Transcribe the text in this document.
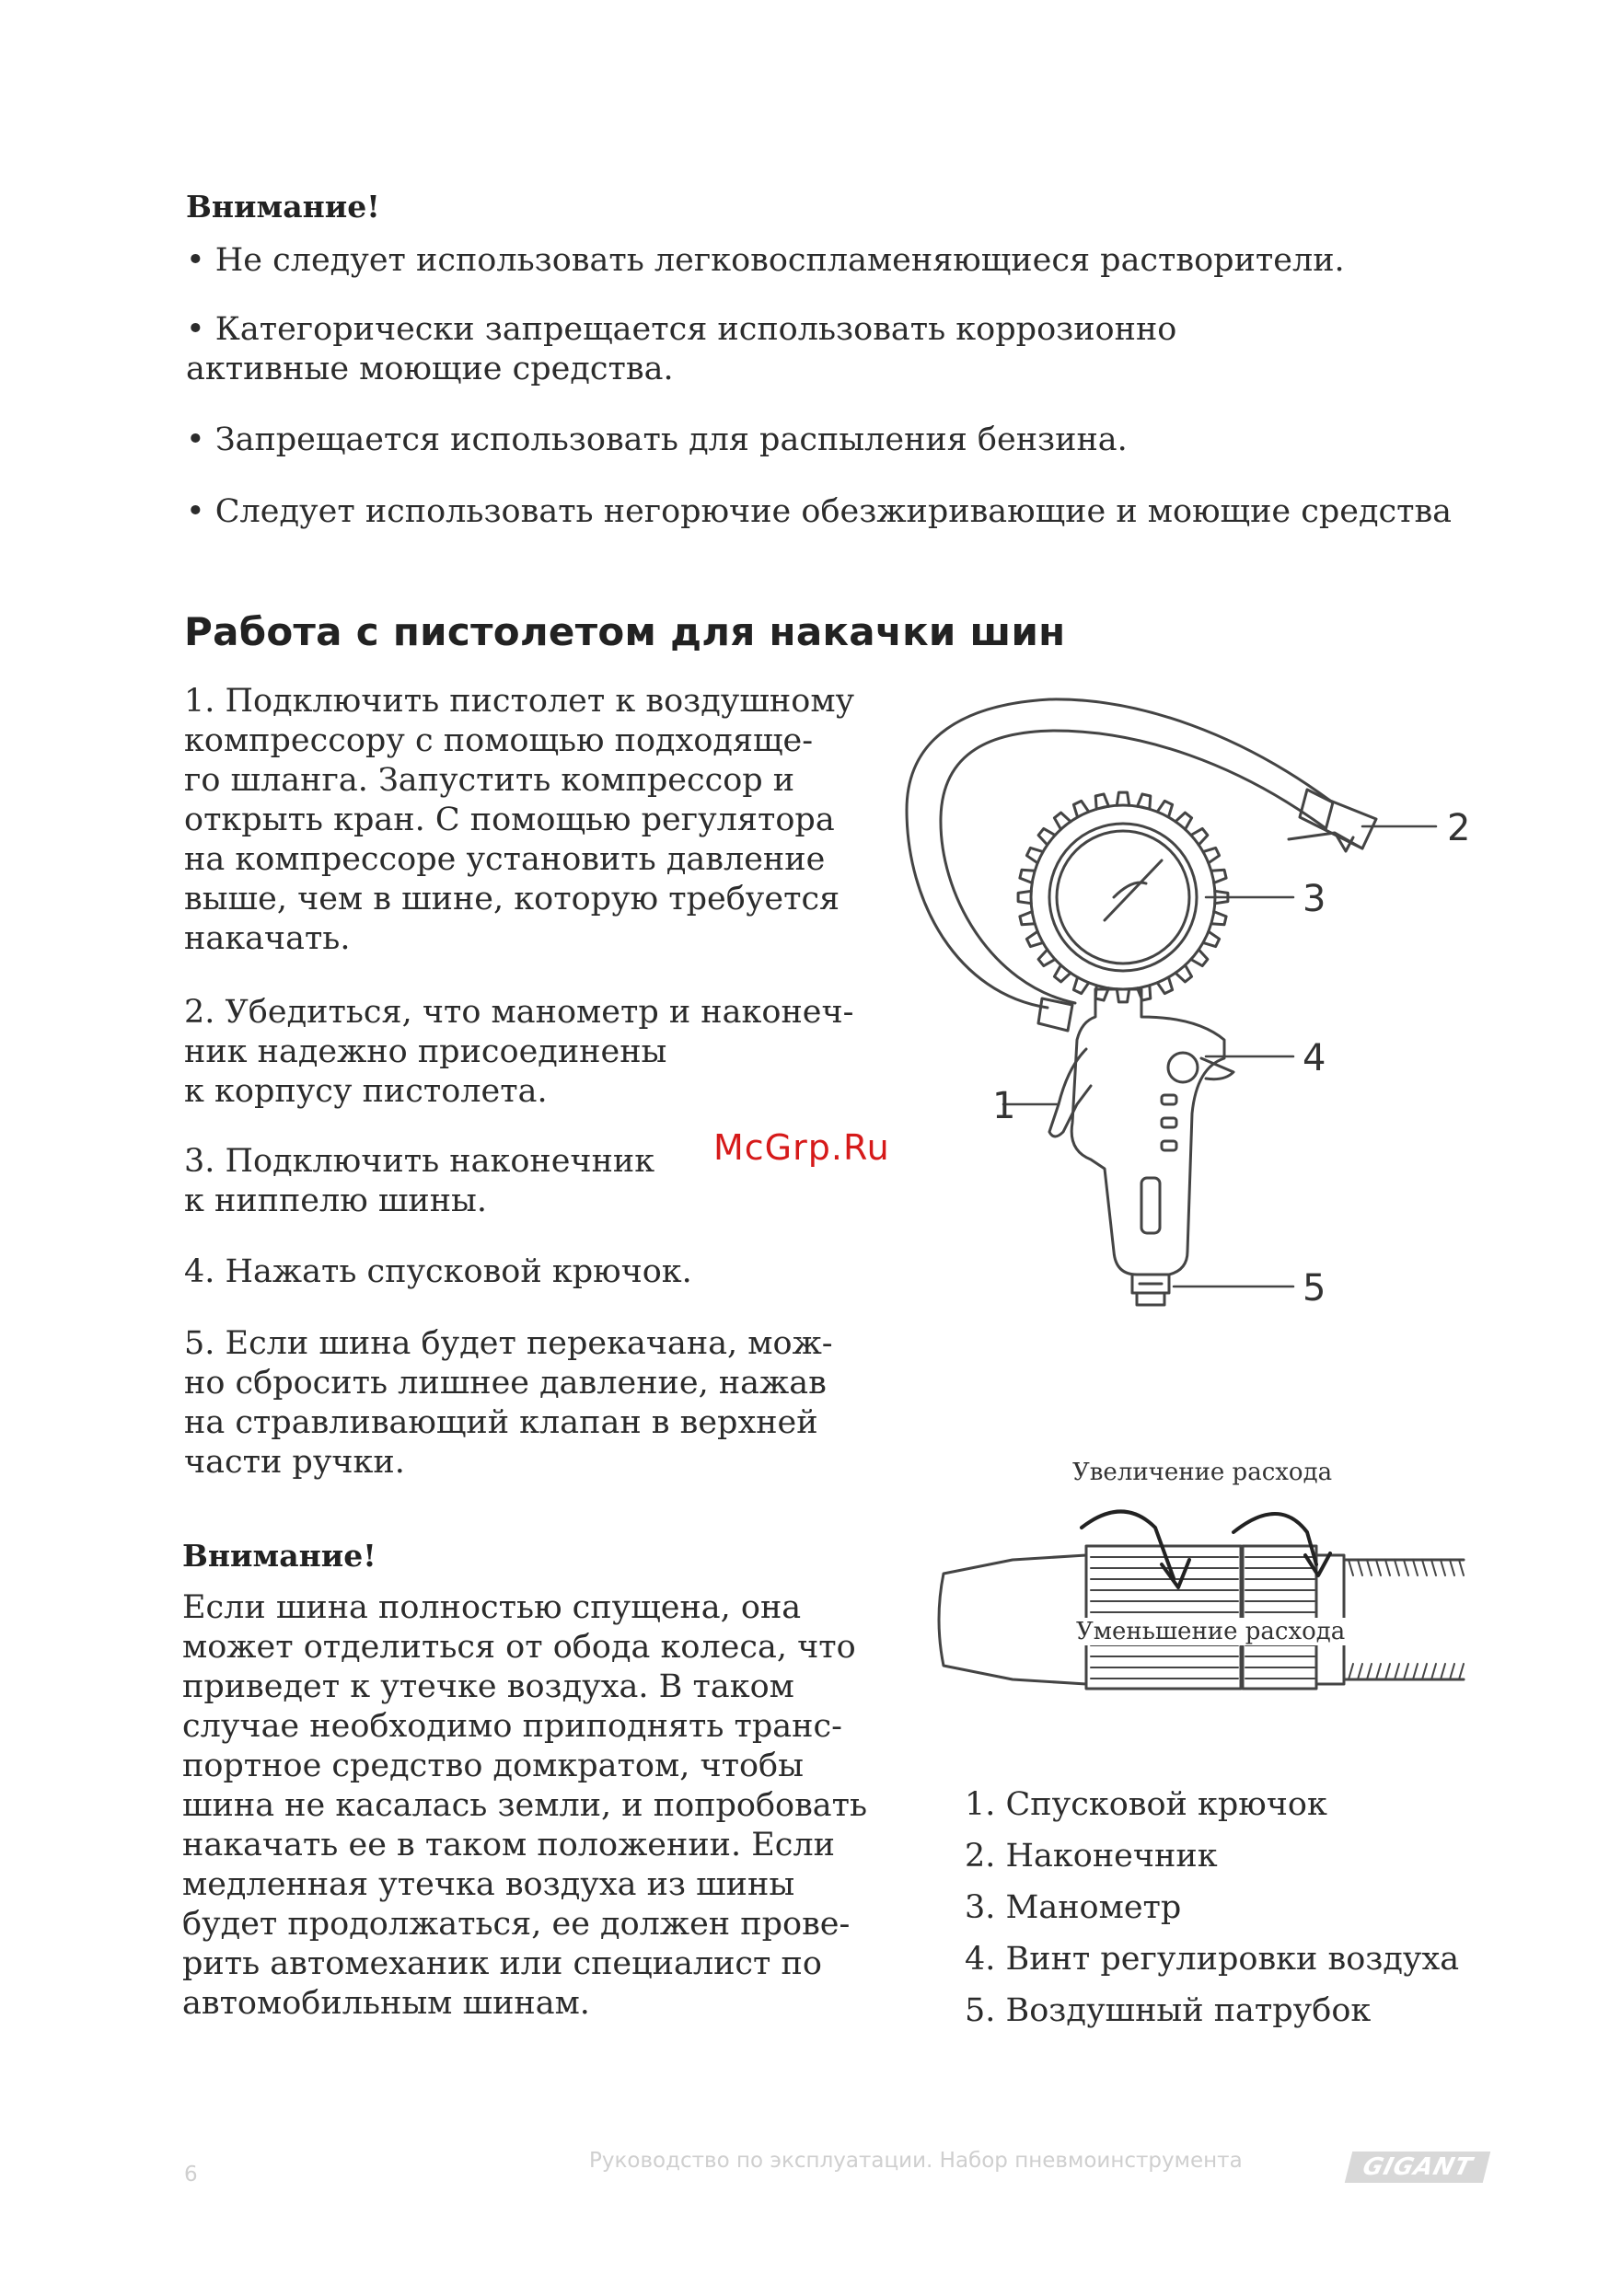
Внимание!
• Не следует использовать легковоспламеняющиеся растворители.
• Категорически запрещается использовать коррозионно
активные моющие средства.
• Запрещается использовать для распыления бензина.
• Следует использовать негорючие обезжиривающие и моющие средства
Работа с пистолетом для накачки шин
1. Подключить пистолет к воздушному
компрессору с помощью подходяще-
го шланга. Запустить компрессор и
открыть кран. С помощью регулятора
на компрессоре установить давление
выше, чем в шине, которую требуется
накачать.
2. Убедиться, что манометр и наконеч-
ник надежно присоединены
к корпусу пистолета.
3. Подключить наконечник
к ниппелю шины.
4. Нажать спусковой крючок.
5. Если шина будет перекачана, мож-
но сбросить лишнее давление, нажав
на стравливающий клапан в верхней
части ручки.
Внимание!
Если шина полностью спущена, она
может отделиться от обода колеса, что
приведет к утечке воздуха. В таком
случае необходимо приподнять транс-
портное средство домкратом, чтобы
шина не касалась земли, и попробовать
накачать ее в таком положении. Если
медленная утечка воздуха из шины
будет продолжаться, ее должен прове-
рить автомеханик или специалист по
автомобильным шинам.
McGrp.Ru
2
3
4
1
5
Увеличение расхода
Уменьшение расхода
1. Спусковой крючок
2. Наконечник
3. Манометр
4. Винт регулировки воздуха
5. Воздушный патрубок
6
Руководство по эксплуатации. Набор пневмоинструмента	GIGANT
